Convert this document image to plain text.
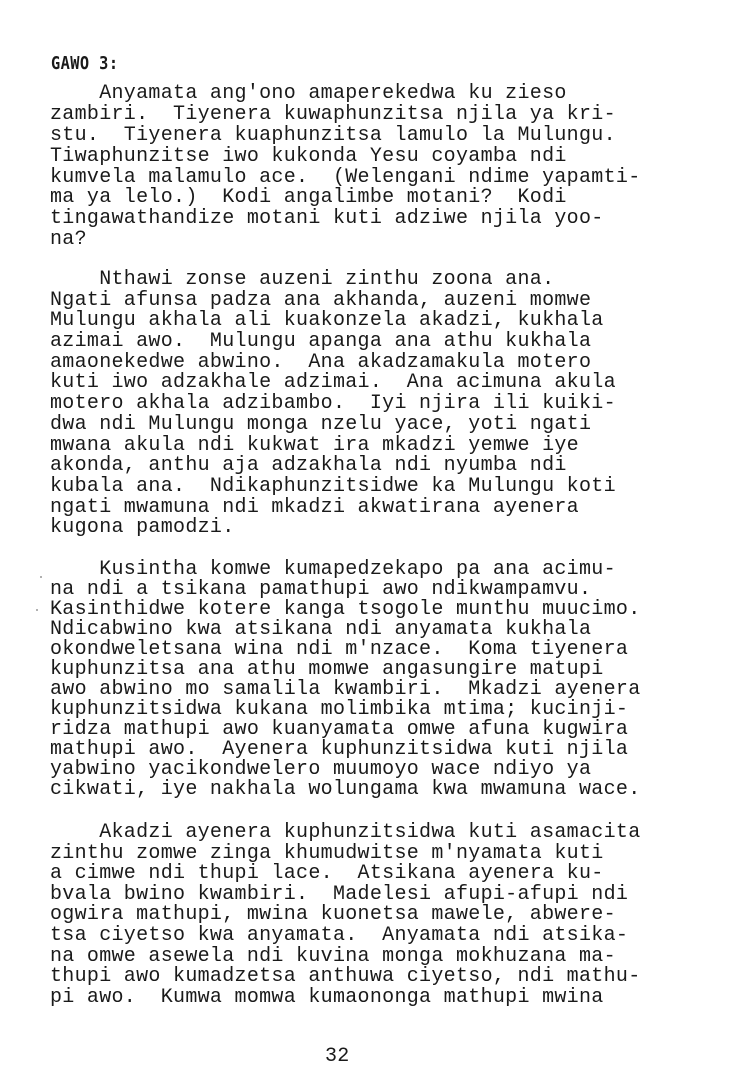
GAWO 3:
Anyamata ang'ono amaperekedwa ku zieso
zambiri.  Tiyenera kuwaphunzitsa njila ya kri-
stu.  Tiyenera kuaphunzitsa lamulo la Mulungu.
Tiwaphunzitse iwo kukonda Yesu coyamba ndi
kumvela malamulo ace.  (Welengani ndime yapamti-
ma ya lelo.)  Kodi angalimbe motani?  Kodi
tingawathandize motani kuti adziwe njila yoo-
na?
Nthawi zonse auzeni zinthu zoona ana.
Ngati afunsa padza ana akhanda, auzeni momwe
Mulungu akhala ali kuakonzela akadzi, kukhala
azimai awo.  Mulungu apanga ana athu kukhala
amaonekedwe abwino.  Ana akadzamakula motero
kuti iwo adzakhale adzimai.  Ana acimuna akula
motero akhala adzibambo.  Iyi njira ili kuiki-
dwa ndi Mulungu monga nzelu yace, yoti ngati
mwana akula ndi kukwat ira mkadzi yemwe iye
akonda, anthu aja adzakhala ndi nyumba ndi
kubala ana.  Ndikaphunzitsidwe ka Mulungu koti
ngati mwamuna ndi mkadzi akwatirana ayenera
kugona pamodzi.
Kusintha komwe kumapedzekapo pa ana acimu-
na ndi a tsikana pamathupi awo ndikwampamvu.
Kasinthidwe kotere kanga tsogole munthu muucimo.
Ndicabwino kwa atsikana ndi anyamata kukhala
okondweletsana wina ndi m'nzace.  Koma tiyenera
kuphunzitsa ana athu momwe angasungire matupi
awo abwino mo samalila kwambiri.  Mkadzi ayenera
kuphunzitsidwa kukana molimbika mtima; kucinji-
ridza mathupi awo kuanyamata omwe afuna kugwira
mathupi awo.  Ayenera kuphunzitsidwa kuti njila
yabwino yacikondwelero muumoyo wace ndiyo ya
cikwati, iye nakhala wolungama kwa mwamuna wace.
Akadzi ayenera kuphunzitsidwa kuti asamacita
zinthu zomwe zinga khumudwitse m'nyamata kuti
a cimwe ndi thupi lace.  Atsikana ayenera ku-
bvala bwino kwambiri.  Madelesi afupi-afupi ndi
ogwira mathupi, mwina kuonetsa mawele, abwere-
tsa ciyetso kwa anyamata.  Anyamata ndi atsika-
na omwe asewela ndi kuvina monga mokhuzana ma-
thupi awo kumadzetsa anthuwa ciyetso, ndi mathu-
pi awo.  Kumwa momwa kumaononga mathupi mwina
32
